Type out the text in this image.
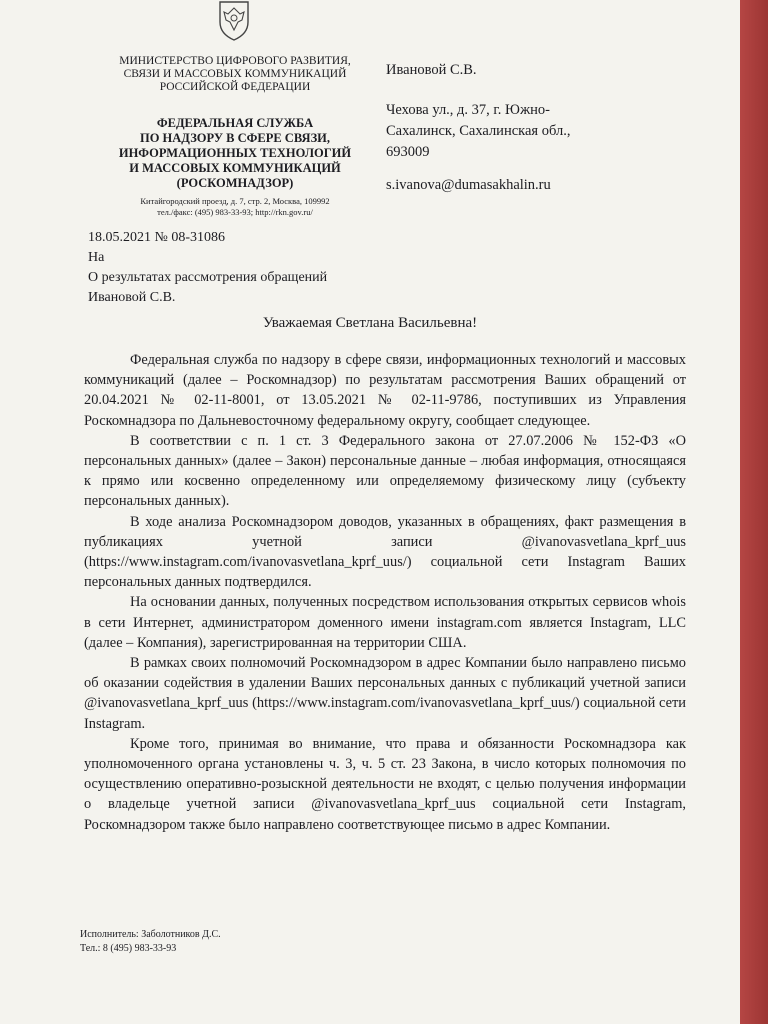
МИНИСТЕРСТВО ЦИФРОВОГО РАЗВИТИЯ,
СВЯЗИ И МАССОВЫХ КОММУНИКАЦИЙ
РОССИЙСКОЙ ФЕДЕРАЦИИ
ФЕДЕРАЛЬНАЯ СЛУЖБА
ПО НАДЗОРУ В СФЕРЕ СВЯЗИ,
ИНФОРМАЦИОННЫХ ТЕХНОЛОГИЙ
И МАССОВЫХ КОММУНИКАЦИЙ
(РОСКОМНАДЗОР)
Китайгородский проезд, д. 7, стр. 2, Москва, 109992
тел./факс: (495) 983-33-93; http://rkn.gov.ru/
Ивановой С.В.
Чехова ул., д. 37, г. Южно-
Сахалинск, Сахалинская обл.,
693009
s.ivanova@dumasakhalin.ru
18.05.2021 № 08-31086
На
О результатах рассмотрения обращений
Ивановой С.В.
Уважаемая Светлана Васильевна!

Федеральная служба по надзору в сфере связи, информационных технологий и массовых коммуникаций (далее – Роскомнадзор) по результатам рассмотрения Ваших обращений от 20.04.2021 № 02-11-8001, от 13.05.2021 № 02-11-9786, поступивших из Управления Роскомнадзора по Дальневосточному федеральному округу, сообщает следующее.

В соответствии с п. 1 ст. 3 Федерального закона от 27.07.2006 № 152-ФЗ «О персональных данных» (далее – Закон) персональные данные – любая информация, относящаяся к прямо или косвенно определенному или определяемому физическому лицу (субъекту персональных данных).

В ходе анализа Роскомнадзором доводов, указанных в обращениях, факт размещения в публикациях учетной записи @ivanovasvetlana_kprf_uus (https://www.instagram.com/ivanovasvetlana_kprf_uus/) социальной сети Instagram Ваших персональных данных подтвердился.

На основании данных, полученных посредством использования открытых сервисов whois в сети Интернет, администратором доменного имени instagram.com является Instagram, LLC (далее – Компания), зарегистрированная на территории США.

В рамках своих полномочий Роскомнадзором в адрес Компании было направлено письмо об оказании содействия в удалении Ваших персональных данных с публикаций учетной записи @ivanovasvetlana_kprf_uus (https://www.instagram.com/ivanovasvetlana_kprf_uus/) социальной сети Instagram.

Кроме того, принимая во внимание, что права и обязанности Роскомнадзора как уполномоченного органа установлены ч. 3, ч. 5 ст. 23 Закона, в число которых полномочия по осуществлению оперативно-розыскной деятельности не входят, с целью получения информации о владельце учетной записи @ivanovasvetlana_kprf_uus социальной сети Instagram, Роскомнадзором также было направлено соответствующее письмо в адрес Компании.

Исполнитель: Заболотников Д.С.
Тел.: 8 (495) 983-33-93
